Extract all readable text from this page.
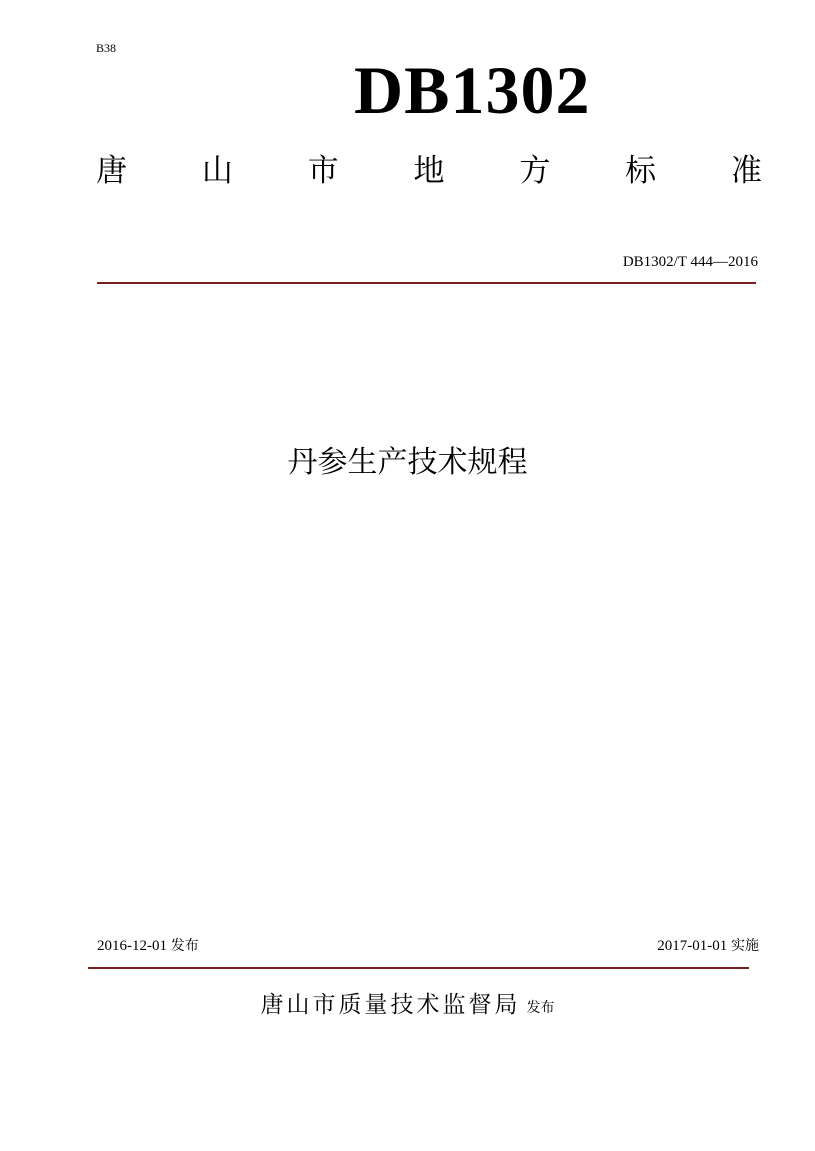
B38
DB1302
唐 山 市 地 方 标 准
DB1302/T 444—2016
丹参生产技术规程
2016-12-01 发布	2017-01-01 实施
唐山市质量技术监督局 发布
